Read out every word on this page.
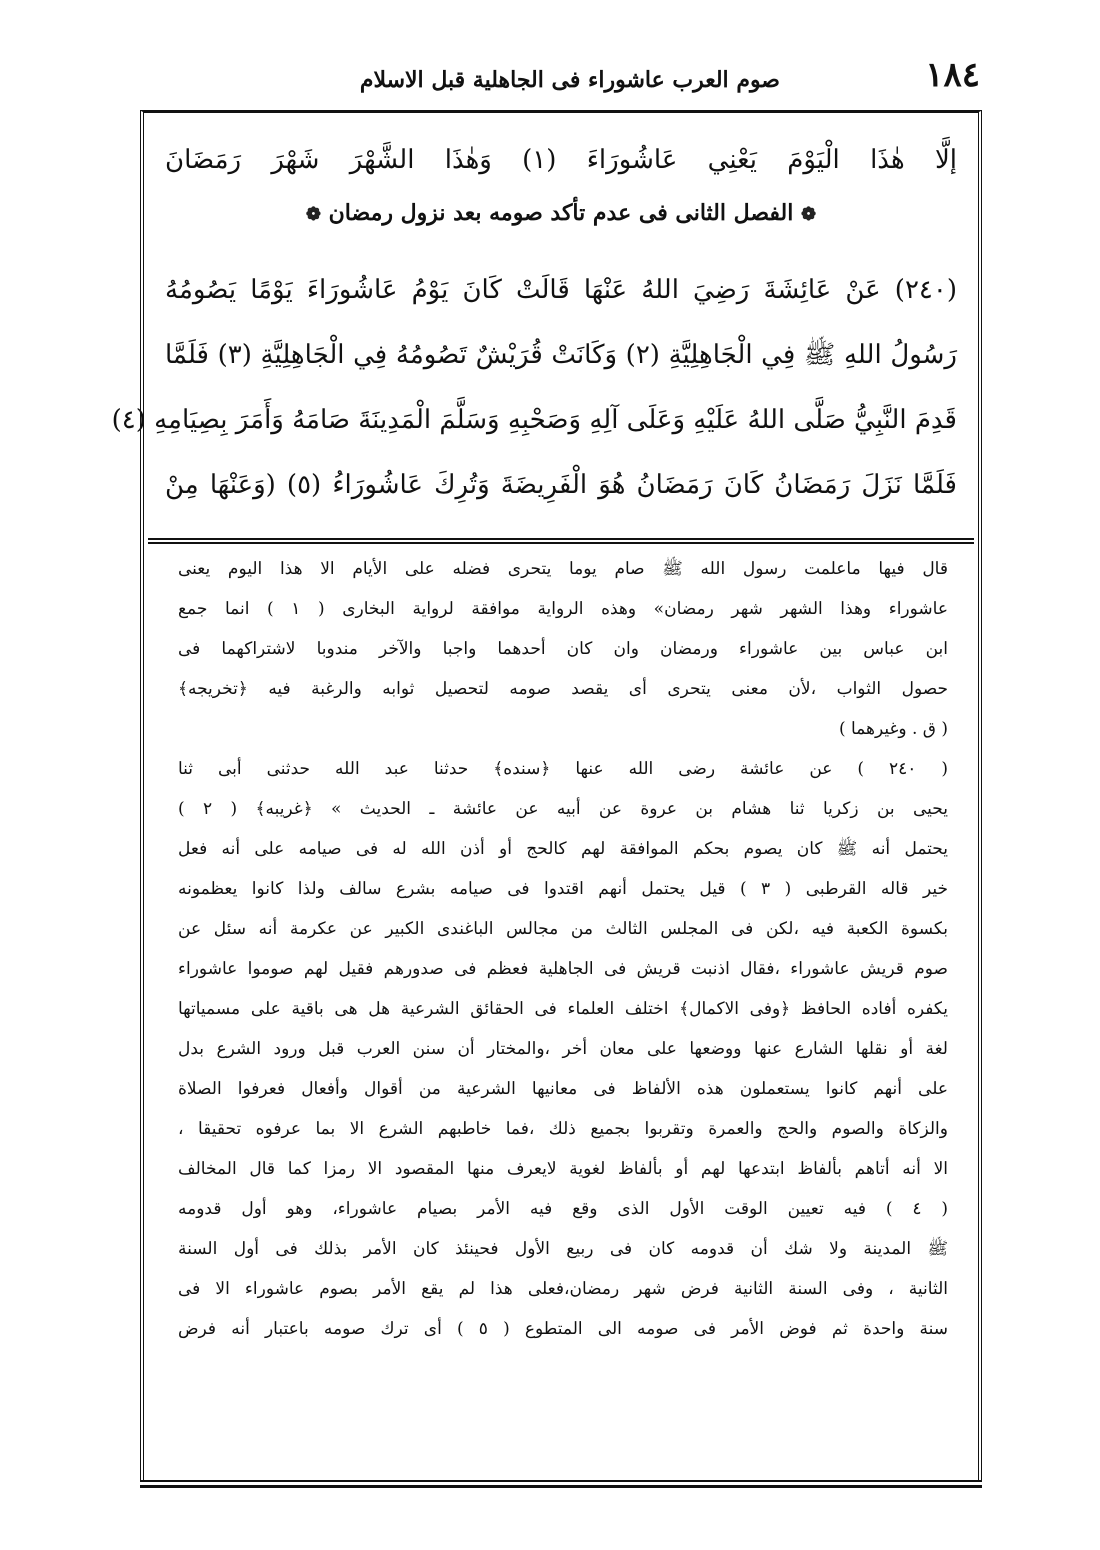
١٨٤
صوم العرب عاشوراء فى الجاهلية قبل الاسلام
إلَّا هٰذَا الْيَوْمَ يَعْنِي عَاشُورَاءَ (١) وَهٰذَا الشَّهْرَ شَهْرَ رَمَضَانَ
❁ الفصل الثانى فى عدم تأكد صومه بعد نزول رمضان ❁
(٢٤٠) عَنْ عَائِشَةَ رَضِيَ اللهُ عَنْهَا قَالَتْ كَانَ يَوْمُ عَاشُورَاءَ يَوْمًا يَصُومُهُ
رَسُولُ اللهِ ﷺ فِي الْجَاهِلِيَّةِ (٢) وَكَانَتْ قُرَيْشٌ تَصُومُهُ فِي الْجَاهِلِيَّةِ (٣) فَلَمَّا
قَدِمَ النَّبِيُّ صَلَّى اللهُ عَلَيْهِ وَعَلَى آلِهِ وَصَحْبِهِ وَسَلَّمَ الْمَدِينَةَ صَامَهُ وَأَمَرَ بِصِيَامِهِ (٤)
فَلَمَّا نَزَلَ رَمَضَانُ كَانَ رَمَضَانُ هُوَ الْفَرِيضَةَ وَتُرِكَ عَاشُورَاءُ (٥) (وَعَنْهَا مِنْ
قال فيها ماعلمت رسول الله ﷺ صام يوما يتحرى فضله على الأيام الا هذا اليوم يعنى
عاشوراء وهذا الشهر شهر رمضان» وهذه الرواية موافقة لرواية البخارى ( ١ ) انما جمع
ابن عباس بين عاشوراء ورمضان وان كان أحدهما واجبا والآخر مندوبا لاشتراكهما فى
حصول الثواب ،لأن معنى يتحرى أى يقصد صومه لتحصيل ثوابه والرغبة فيه ﴿تخريجه﴾
( ق . وغيرهما )
( ٢٤٠ ) عن عائشة رضى الله عنها ﴿سنده﴾ حدثنا عبد الله حدثنى أبى ثنا
يحيى بن زكريا ثنا هشام بن عروة عن أبيه عن عائشة ـ الحديث » ﴿غريبه﴾ ( ٢ )
يحتمل أنه ﷺ كان يصوم بحكم الموافقة لهم كالحج أو أذن الله له فى صيامه على أنه فعل
خير قاله القرطبى ( ٣ ) قيل يحتمل أنهم اقتدوا فى صيامه بشرع سالف ولذا كانوا يعظمونه
بكسوة الكعبة فيه ،لكن فى المجلس الثالث من مجالس الباغندى الكبير عن عكرمة أنه سئل عن
صوم قريش عاشوراء ،فقال اذنبت قريش فى الجاهلية فعظم فى صدورهم فقيل لهم صوموا عاشوراء
يكفره أفاده الحافظ ﴿وفى الاكمال﴾ اختلف العلماء فى الحقائق الشرعية هل هى باقية على مسمياتها
لغة أو نقلها الشارع عنها ووضعها على معان أخر ،والمختار أن سنن العرب قبل ورود الشرع بدل
على أنهم كانوا يستعملون هذه الألفاظ فى معانيها الشرعية من أقوال وأفعال فعرفوا الصلاة
والزكاة والصوم والحج والعمرة وتقربوا بجميع ذلك ،فما خاطبهم الشرع الا بما عرفوه تحقيقا ،
الا أنه أتاهم بألفاظ ابتدعها لهم أو بألفاظ لغوية لايعرف منها المقصود الا رمزا كما قال المخالف
( ٤ ) فيه تعيين الوقت الأول الذى وقع فيه الأمر بصيام عاشوراء، وهو أول قدومه
ﷺ المدينة ولا شك أن قدومه كان فى ربيع الأول فحينئذ كان الأمر بذلك فى أول السنة
الثانية ، وفى السنة الثانية فرض شهر رمضان،فعلى هذا لم يقع الأمر بصوم عاشوراء الا فى
سنة واحدة ثم فوض الأمر فى صومه الى المتطوع ( ٥ ) أى ترك صومه باعتبار أنه فرض
